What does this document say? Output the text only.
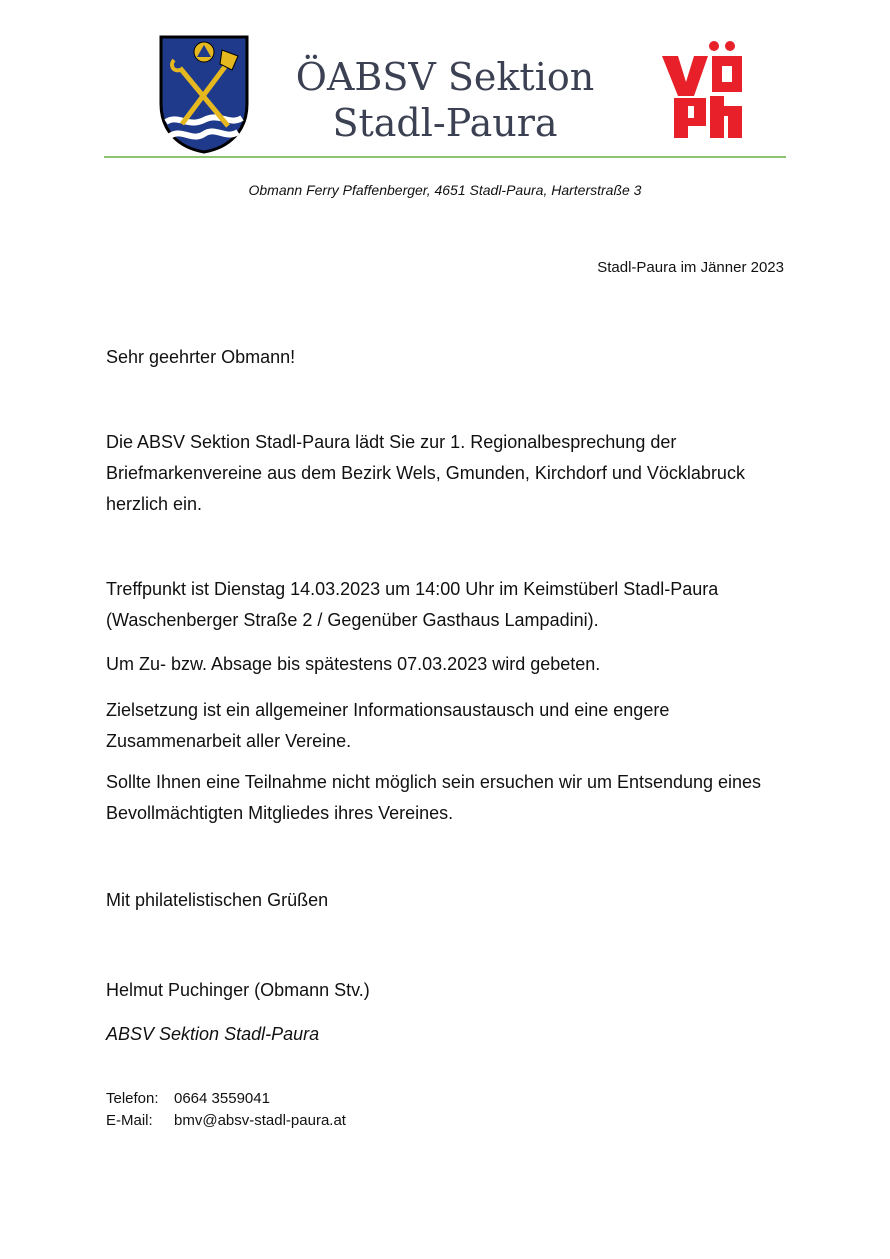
ÖABSV Sektion
Stadl-Paura
Obmann Ferry Pfaffenberger, 4651 Stadl-Paura, Harterstraße 3
Stadl-Paura im Jänner 2023
Sehr geehrter Obmann!
Die ABSV Sektion Stadl-Paura lädt Sie zur 1. Regionalbesprechung der Briefmarkenvereine aus dem Bezirk Wels, Gmunden, Kirchdorf und Vöcklabruck herzlich ein.
Treffpunkt ist Dienstag 14.03.2023 um 14:00 Uhr im Keimstüberl Stadl-Paura (Waschenberger Straße 2 / Gegenüber Gasthaus Lampadini).
Um Zu- bzw. Absage bis spätestens 07.03.2023 wird gebeten.
Zielsetzung ist ein allgemeiner Informationsaustausch und eine engere Zusammenarbeit aller Vereine.
Sollte Ihnen eine Teilnahme nicht möglich sein ersuchen wir um Entsendung eines Bevollmächtigten Mitgliedes ihres Vereines.
Mit philatelistischen Grüßen
Helmut Puchinger (Obmann Stv.)
ABSV Sektion Stadl-Paura
Telefon: 0664 3559041
E-Mail: bmv@absv-stadl-paura.at
